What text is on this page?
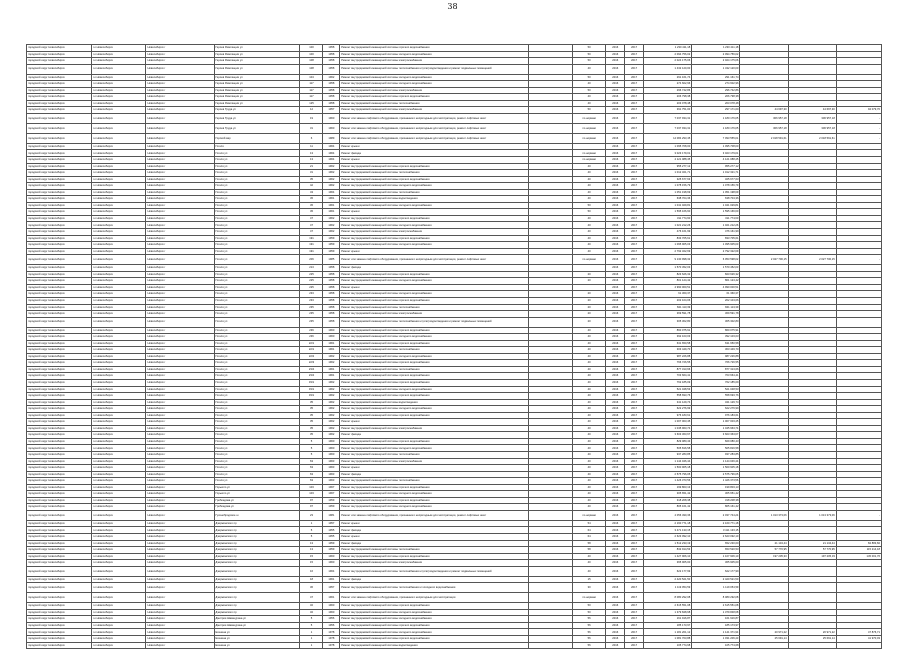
38
городской округ Новосибирск	г.о.Новосибирск	Новосибирск г	Героев Революции ул	100	1958	Ремонт внутридомовой инженерной системы горячего водоснабжения		50	2016	2017	1 230 411,18	1 230 411,18			
городской округ Новосибирск	г.о.Новосибирск	Новосибирск г	Героев Революции ул	100	1958	Ремонт внутридомовой инженерной системы холодного водоснабжения		50	2016	2017	2 094 756,02	2 094 756,02			
городской округ Новосибирск	г.о.Новосибирск	Новосибирск г	Героев Революции ул	108	1958	Ремонт внутридомовой инженерной системы электроснабжения		50	2016	2017	2 024 175,06	2 024 175,06			
городской округ Новосибирск	г.о.Новосибирск	Новосибирск г	Героев Революции ул	108	1958	Ремонт внутридомовой инженерной системы теплоснабжения и (или) водоотведения и ремонт подвальных помещений		40	2016	2017	1 432 120,00	1 432 120,00			
городской округ Новосибирск	г.о.Новосибирск	Новосибирск г	Героев Революции ул	104	1962	Ремонт внутридомовой инженерной системы холодного водоснабжения		50	2016	2017	291 161,74	291 161,74			
городской округ Новосибирск	г.о.Новосибирск	Новосибирск г	Героев Революции ул	117	1958	Ремонт внутридомовой инженерной системы холодного водоснабжения		40	2016	2017	274 602,96	274 602,96			
городской округ Новосибирск	г.о.Новосибирск	Новосибирск г	Героев Революции ул	117	1958	Ремонт внутридомовой инженерной системы электроснабжения		50	2016	2017	296 742,86	296 742,86			
городской округ Новосибирск	г.о.Новосибирск	Новосибирск г	Героев Революции ул	117	1958	Ремонт внутридомовой инженерной системы горячего водоснабжения		40	2016	2017	206 798,38	206 798,38			
городской округ Новосибирск	г.о.Новосибирск	Новосибирск г	Героев Революции ул	125	1958	Ремонт внутридомовой инженерной системы теплоснабжения		40	2016	2017	203 078,48	203 078,48			
городской округ Новосибирск	г.о.Новосибирск	Новосибирск г	Героев Труда ул	12	1957	Ремонт внутридомовой инженерной системы электроснабжения		50	2016	2017	391 751,00	297 171,00	44 697,30	44 697,30	94 079,70
городской округ Новосибирск	г.о.Новосибирск	Новосибирск г	Героев Труда ул	19	1960	Ремонт или замена лифтового оборудования, признанного непригодным для эксплуатации, ремонт лифтовых шахт		по нормам	2016	2017	7 037 934,31	1 180 176,05	306 957,18	306 957,18	-
городской округ Новосибирск	г.о.Новосибирск	Новосибирск г	Героев Труда ул	31	1960	Ремонт или замена лифтового оборудования, признанного непригодным для эксплуатации, ремонт лифтовых шахт		по нормам	2016	2017	7 037 934,31	1 180 176,05	306 957,18	306 957,18	-
городской округ Новосибирск	г.о.Новосибирск	Новосибирск г	Горский мкр	6	1989	Ремонт или замена лифтового оборудования, признанного непригодным для эксплуатации, ремонт лифтовых шахт		по нормам	2016	2017	14 084 293,45	7 093 555,01	2 018 591,61	2 018 591,61	-
городской округ Новосибирск	г.о.Новосибирск	Новосибирск г	Гоголя	11	1964	Ремонт крыши			2016	2017	1 095 708,00	1 095 708,00			
городской округ Новосибирск	г.о.Новосибирск	Новосибирск г	Гоголя ул	13	1964	Ремонт фасада		по нормам	2016	2017	3 023 179,01	3 023 179,01			
городской округ Новосибирск	г.о.Новосибирск	Новосибирск г	Гоголя ул	13	1964	Ремонт крыши		по нормам	2016	2017	4 121 088,45	4 121 088,45			
городской округ Новосибирск	г.о.Новосибирск	Новосибирск г	Гоголя ул	21	1962	Ремонт внутридомовой инженерной системы горячего водоснабжения		40	2016	2017	955 277,12	955 277,12			
городской округ Новосибирск	г.о.Новосибирск	Новосибирск г	Гоголя ул	31	1962	Ремонт внутридомовой инженерной системы теплоснабжения		40	2016	2017	1 012 321,71	1 012 321,71			
городской округ Новосибирск	г.о.Новосибирск	Новосибирск г	Гоголя ул	35	1962	Ремонт внутридомовой инженерной системы горячего водоснабжения		40	2016	2017	325 677,63	325 677,63			
городской округ Новосибирск	г.о.Новосибирск	Новосибирск г	Гоголя ул	42	1962	Ремонт внутридомовой инженерной системы холодного водоснабжения		40	2016	2017	1 078 156,79	1 078 156,79			
городской округ Новосибирск	г.о.Новосибирск	Новосибирск г	Гоголя ул	43	1964	Ремонт внутридомовой инженерной системы теплоснабжения		40	2016	2017	1 051 198,69	1 051 198,69			
городской округ Новосибирск	г.о.Новосибирск	Новосибирск г	Гоголя ул	45	1961	Ремонт внутридомовой инженерной системы водоотведения		40	2016	2017	638 704,36	638 704,36			
городской округ Новосибирск	г.о.Новосибирск	Новосибирск г	Гоголя ул	45	1961	Ремонт внутридомовой инженерной системы холодного водоснабжения		50	2016	2017	1 041 029,81	1 041 029,81			
городской округ Новосибирск	г.о.Новосибирск	Новосибирск г	Гоголя ул	45	1961	Ремонт крыши		50	2016	2017	1 595 166,60	1 595 166,60			
городской округ Новосибирск	г.о.Новосибирск	Новосибирск г	Гоголя ул	47	1962	Ремонт внутридомовой инженерной системы горячего водоснабжения		40	2016	2017	311 774,60	311 774,60			
городской округ Новосибирск	г.о.Новосибирск	Новосибирск г	Гоголя ул	47	1962	Ремонт внутридомовой инженерной системы холодного водоснабжения		40	2016	2017	1 021 212,26	1 021 212,26			
городской округ Новосибирск	г.о.Новосибирск	Новосибирск г	Гоголя ул	47	1962	Ремонт внутридомовой инженерной системы электроснабжения		40	2016	2017	476 161,99	476 161,99			
городской округ Новосибирск	г.о.Новосибирск	Новосибирск г	Гоголя ул	191	1959	Ремонт внутридомовой инженерной системы горячего водоснабжения		40	2016	2017	833 705,61	833 705,61			
городской округ Новосибирск	г.о.Новосибирск	Новосибирск г	Гоголя ул	191	1959	Ремонт внутридомовой инженерной системы холодного водоснабжения		40	2016	2017	1 095 905,03	1 095 905,03			
городской округ Новосибирск	г.о.Новосибирск	Новосибирск г	Гоголя ул	191	1959	Ремонт крыши		40	2016	2017	2 792 322,69	2 792 322,69			
городской округ Новосибирск	г.о.Новосибирск	Новосибирск г	Гоголя ул	206	1985	Ремонт или замена лифтового оборудования, признанного непригодным для эксплуатации, ремонт лифтовых шахт		по нормам	2016	2017	9 130 998,32	6 053 598,02	2 027 700,15	2 027 700,15	-
городской округ Новосибирск	г.о.Новосибирск	Новосибирск г	Гоголя ул	213	1958	Ремонт фасада			2016	2017	1 570 452,03	1 570 452,03			
городской округ Новосибирск	г.о.Новосибирск	Новосибирск г	Гоголя ул	225	1958	Ремонт внутридомовой инженерной системы горячего водоснабжения		20	2016	2017	823 626,32	823 626,32			
городской округ Новосибирск	г.о.Новосибирск	Новосибирск г	Гоголя ул	225	1958	Ремонт внутридомовой инженерной системы холодного водоснабжения		20	2016	2017	801 124,42	801 124,42			
городской округ Новосибирск	г.о.Новосибирск	Новосибирск г	Гоголя ул	225	1958	Ремонт крыши			2016	2017	4 990 000,51	4 990 000,51			
городской округ Новосибирск	г.о.Новосибирск	Новосибирск г	Гоголя ул	233	1958	Ремонт внутридомовой инженерной системы холодного водоснабжения		20	2016	2017	61 360,37	61 360,37			
городской округ Новосибирск	г.о.Новосибирск	Новосибирск г	Гоголя ул	233	1958	Ремонт внутридомовой инженерной системы горячего водоснабжения		20	2016	2017	202 104,06	202 104,06			
городской округ Новосибирск	г.о.Новосибирск	Новосибирск г	Гоголя ул	235	1958	Ремонт внутридомовой инженерной системы теплоснабжения		20	2016	2017	841 113,39	841 113,39			
городской округ Новосибирск	г.о.Новосибирск	Новосибирск г	Гоголя ул	235	1958	Ремонт внутридомовой инженерной системы электроснабжения		20	2016	2017	369 591,78	369 591,78			
городской округ Новосибирск	г.о.Новосибирск	Новосибирск г	Гоголя ул	235	1958	Ремонт внутридомовой инженерной системы теплоснабжения и (или) водоотведения и ремонт подвальных помещений		20	2016	2017	305 302,80	305 302,80			
городской округ Новосибирск	г.о.Новосибирск	Новосибирск г	Гоголя ул	236	1960	Ремонт внутридомовой инженерной системы горячего водоснабжения		40	2016	2017	860 075,91	860 075,91			
городской округ Новосибирск	г.о.Новосибирск	Новосибирск г	Гоголя ул	236	1960	Ремонт внутридомовой инженерной системы холодного водоснабжения		40	2016	2017	392 103,03	392 103,03			
городской округ Новосибирск	г.о.Новосибирск	Новосибирск г	Гоголя ул	22/1	1961	Ремонт внутридомовой инженерной системы горячего водоснабжения		40	2016	2017	631 650,58	631 650,58			
городской округ Новосибирск	г.о.Новосибирск	Новосибирск г	Гоголя ул	22/1	1961	Ремонт внутридомовой инженерной системы теплоснабжения		40	2016	2017	303 449,70	303 449,70			
городской округ Новосибирск	г.о.Новосибирск	Новосибирск г	Гоголя ул	22/2	1962	Ремонт внутридомовой инженерной системы холодного водоснабжения		40	2016	2017	987 226,88	987 226,88			
городской округ Новосибирск	г.о.Новосибирск	Новосибирск г	Гоголя ул	22/3	1962	Ремонт внутридомовой инженерной системы горячего водоснабжения		40	2016	2017	766 726,55	766 726,55			
городской округ Новосибирск	г.о.Новосибирск	Новосибирск г	Гоголя ул	23/4	1961	Ремонт внутридомовой инженерной системы теплоснабжения		40	2016	2017	877 313,66	877 313,66			
городской округ Новосибирск	г.о.Новосибирск	Новосибирск г	Гоголя ул	23/4	1961	Ремонт внутридомовой инженерной системы горячего водоснабжения		40	2016	2017	703 664,41	703 664,41			
городской округ Новосибирск	г.о.Новосибирск	Новосибирск г	Гоголя ул	33/1	1962	Ремонт внутридомовой инженерной системы горячего водоснабжения		40	2016	2017	762 185,09	762 185,09			
городской округ Новосибирск	г.о.Новосибирск	Новосибирск г	Гоголя ул	33/1	1962	Ремонт внутридомовой инженерной системы холодного водоснабжения		40	2016	2017	521 048,53	521 048,53			
городской округ Новосибирск	г.о.Новосибирск	Новосибирск г	Гоголя ул	33/1	1962	Ремонт внутридомовой инженерной системы горячего водоснабжения		40	2016	2017	558 693,76	558 693,76			
городской округ Новосибирск	г.о.Новосибирск	Новосибирск г	Гоголя ул	35	1962	Ремонт внутридомовой инженерной системы водоотведения		40	2016	2017	341 129,74	341 129,74			
городской округ Новосибирск	г.о.Новосибирск	Новосибирск г	Гоголя ул	35	1962	Ремонт внутридомовой инженерной системы холодного водоснабжения		40	2016	2017	622 276,99	622 276,99			
городской округ Новосибирск	г.о.Новосибирск	Новосибирск г	Гоголя ул	35	1962	Ремонт внутридомовой инженерной системы горячего водоснабжения		40	2016	2017	976 183,61	976 183,61			
городской округ Новосибирск	г.о.Новосибирск	Новосибирск г	Гоголя ул	35	1962	Ремонт крыши		40	2016	2017	1 007 003,45	1 007 003,45			
городской округ Новосибирск	г.о.Новосибирск	Новосибирск г	Гоголя ул	35	1962	Ремонт внутридомовой инженерной системы электроснабжения		40	2016	2017	1 045 963,74	1 045 963,74			
городской округ Новосибирск	г.о.Новосибирск	Новосибирск г	Гоголя ул	35	1962	Ремонт фасада		40	2016	2017	3 603 363,67	3 603 363,67			
городской округ Новосибирск	г.о.Новосибирск	Новосибирск г	Гоголя ул	5	1960	Ремонт внутридомовой инженерной системы горячего водоснабжения		40	2016	2017	829 080,43	829 080,43			
городской округ Новосибирск	г.о.Новосибирск	Новосибирск г	Гоголя ул	5	1960	Ремонт внутридомовой инженерной системы холодного водоснабжения		40	2016	2017	505 816,58	505 816,58			
городской округ Новосибирск	г.о.Новосибирск	Новосибирск г	Гоголя ул	5	1960	Ремонт внутридомовой инженерной системы теплоснабжения		40	2016	2017	937 283,85	937 283,85			
городской округ Новосибирск	г.о.Новосибирск	Новосибирск г	Гоголя ул	63	1963	Ремонт внутридомовой инженерной системы электроснабжения		40	2016	2017	1 144 046,44	1 144 046,44			
городской округ Новосибирск	г.о.Новосибирск	Новосибирск г	Гоголя ул	63	1963	Ремонт крыши		40	2016	2017	1 500 905,18	1 500 905,18			
городской округ Новосибирск	г.о.Новосибирск	Новосибирск г	Гоголя ул	63	1963	Ремонт фасада		40	2016	2017	2 575 796,05	2 575 796,05			
городской округ Новосибирск	г.о.Новосибирск	Новосибирск г	Гоголя ул	63	1963	Ремонт внутридомовой инженерной системы теплоснабжения		40	2016	2017	1 426 373,56	1 426 373,56			
городской округ Новосибирск	г.о.Новосибирск	Новосибирск г	Горького ул	103	1967	Ремонт внутридомовой инженерной системы горячего водоснабжения		40	2016	2017	199 803,13	199 803,13			
городской округ Новосибирск	г.о.Новосибирск	Новосибирск г	Горького ул	103	1967	Ремонт внутридомовой инженерной системы холодного водоснабжения		40	2016	2017	305 651,42	305 651,42			
городской округ Новосибирск	г.о.Новосибирск	Новосибирск г	Грибоедова ул	97	1959	Ремонт внутридомовой инженерной системы горячего водоснабжения		40	2016	2017	318 208,38	318 208,38			
городской округ Новосибирск	г.о.Новосибирск	Новосибирск г	Грибоедова ул	97	1959	Ремонт внутридомовой инженерной системы холодного водоснабжения		40	2016	2017	805 161,42	805 161,42			
городской округ Новосибирск	г.о.Новосибирск	Новосибирск г	Гусинобродское ш	23	1981	Ремонт или замена лифтового оборудования, признанного непригодным для эксплуатации, ремонт лифтовых шахт		по нормам	2016	2017	4 056 490,36	2 037 744,24	1 013 373,06	1 013 373,06	-
городской округ Новосибирск	г.о.Новосибирск	Новосибирск г	Дзержинского пр	1	1957	Ремонт крыши		54	2016	2017	2 160 771,18	2 160 771,18			
городской округ Новосибирск	г.о.Новосибирск	Новосибирск г	Дзержинского пр	5	1955	Ремонт фасада		64	2016	2017	3 471 133,15	3 411 133,15			
городской округ Новосибирск	г.о.Новосибирск	Новосибирск г	Дзержинского пр	5	1955	Ремонт крыши		64	2016	2017	2 623 092,10	2 623 092,10			
городской округ Новосибирск	г.о.Новосибирск	Новосибирск г	Дзержинского пр	13	1959	Ремонт фасада		58	2016	2017	1 512 233,19	652 230,00	21 134,44	21 134,44	84 883,82
городской округ Новосибирск	г.о.Новосибирск	Новосибирск г	Дзержинского пр	13	1959	Ремонт внутридомовой инженерной системы теплоснабжения		58	2016	2017	832 914,53	653 520,53	57 770,95	57 770,95	115 214,18
городской округ Новосибирск	г.о.Новосибирск	Новосибирск г	Дзержинского пр	15	1960	Ремонт внутридомовой инженерной системы горячего водоснабжения		40	2016	2017	1 427 906,10	1 107 906,10	197 205,33	197 205,33	145 001,76
городской округ Новосибирск	г.о.Новосибирск	Новосибирск г	Дзержинского пр	15	1960	Ремонт внутридомовой инженерной системы электроснабжения		40	2016	2017	365 905,00	365 905,00			
городской округ Новосибирск	г.о.Новосибирск	Новосибирск г	Дзержинского пр	16	1964	Ремонт внутридомовой инженерной системы теплоснабжения и (или) водоотведения и ремонт подвальных помещений		40	2016	2017	622 177,99	622 177,99			
городской округ Новосибирск	г.о.Новосибирск	Новосибирск г	Дзержинского пр	18	1961	Ремонт фасада		15	2016	2017	2 420 521,50	2 420 521,50			
городской округ Новосибирск	г.о.Новосибирск	Новосибирск г	Дзержинского пр	36	1957	Ремонт внутридомовой инженерной системы теплоснабжения и холодного водоснабжения		30	2016	2017	1 119 054,59	1 119 054,59			
городской округ Новосибирск	г.о.Новосибирск	Новосибирск г	Дзержинского пр	47	1961	Ремонт или замена лифтового оборудования, признанного непригодным для эксплуатации		по нормам	2016	2017	8 080 292,08	8 080 292,08			
городской округ Новосибирск	г.о.Новосибирск	Новосибирск г	Дзержинского пр	32	1960	Ремонт внутридомовой инженерной системы горячего водоснабжения		50	2016	2017	2 615 551,08	2 615 551,08			
городской округ Новосибирск	г.о.Новосибирск	Новосибирск г	Дзержинского пр	32	1960	Ремонт внутридомовой инженерной системы холодного водоснабжения		50	2016	2017	1 379 848,68	1 379 848,68			
городской округ Новосибирск	г.о.Новосибирск	Новосибирск г	Дмитрия Шамшурина ул	5	1956	Ремонт внутридомовой инженерной системы холодного водоснабжения		56	2016	2017	161 916,87	161 916,87			
городской округ Новосибирск	г.о.Новосибирск	Новосибирск г	Дмитрия Шамшурина ул	5	1956	Ремонт внутридомовой инженерной системы горячего водоснабжения		56	2016	2017	185 173,97	185 173,97			
городской округ Новосибирск	г.о.Новосибирск	Новосибирск г	Есенина ул	1	1978	Ремонт внутридомовой инженерной системы холодного водоснабжения		56	2016	2017	1 181 201,12	1 141 371,94	20 971,22	20 971,22	47 876,71
городской округ Новосибирск	г.о.Новосибирск	Новосибирск г	Есенина ул	1	1978	Ремонт внутридомовой инженерной системы горячего водоснабжения		56	2016	2017	1 081 703,88	1 031 206,43	25 691,14	25 691,14	41 970,03
городской округ Новосибирск	г.о.Новосибирск	Новосибирск г	Есенина ул	1	1978	Ремонт внутридомовой инженерной системы водоотведения		56	2016	2017	105 774,68	105 774,68			
